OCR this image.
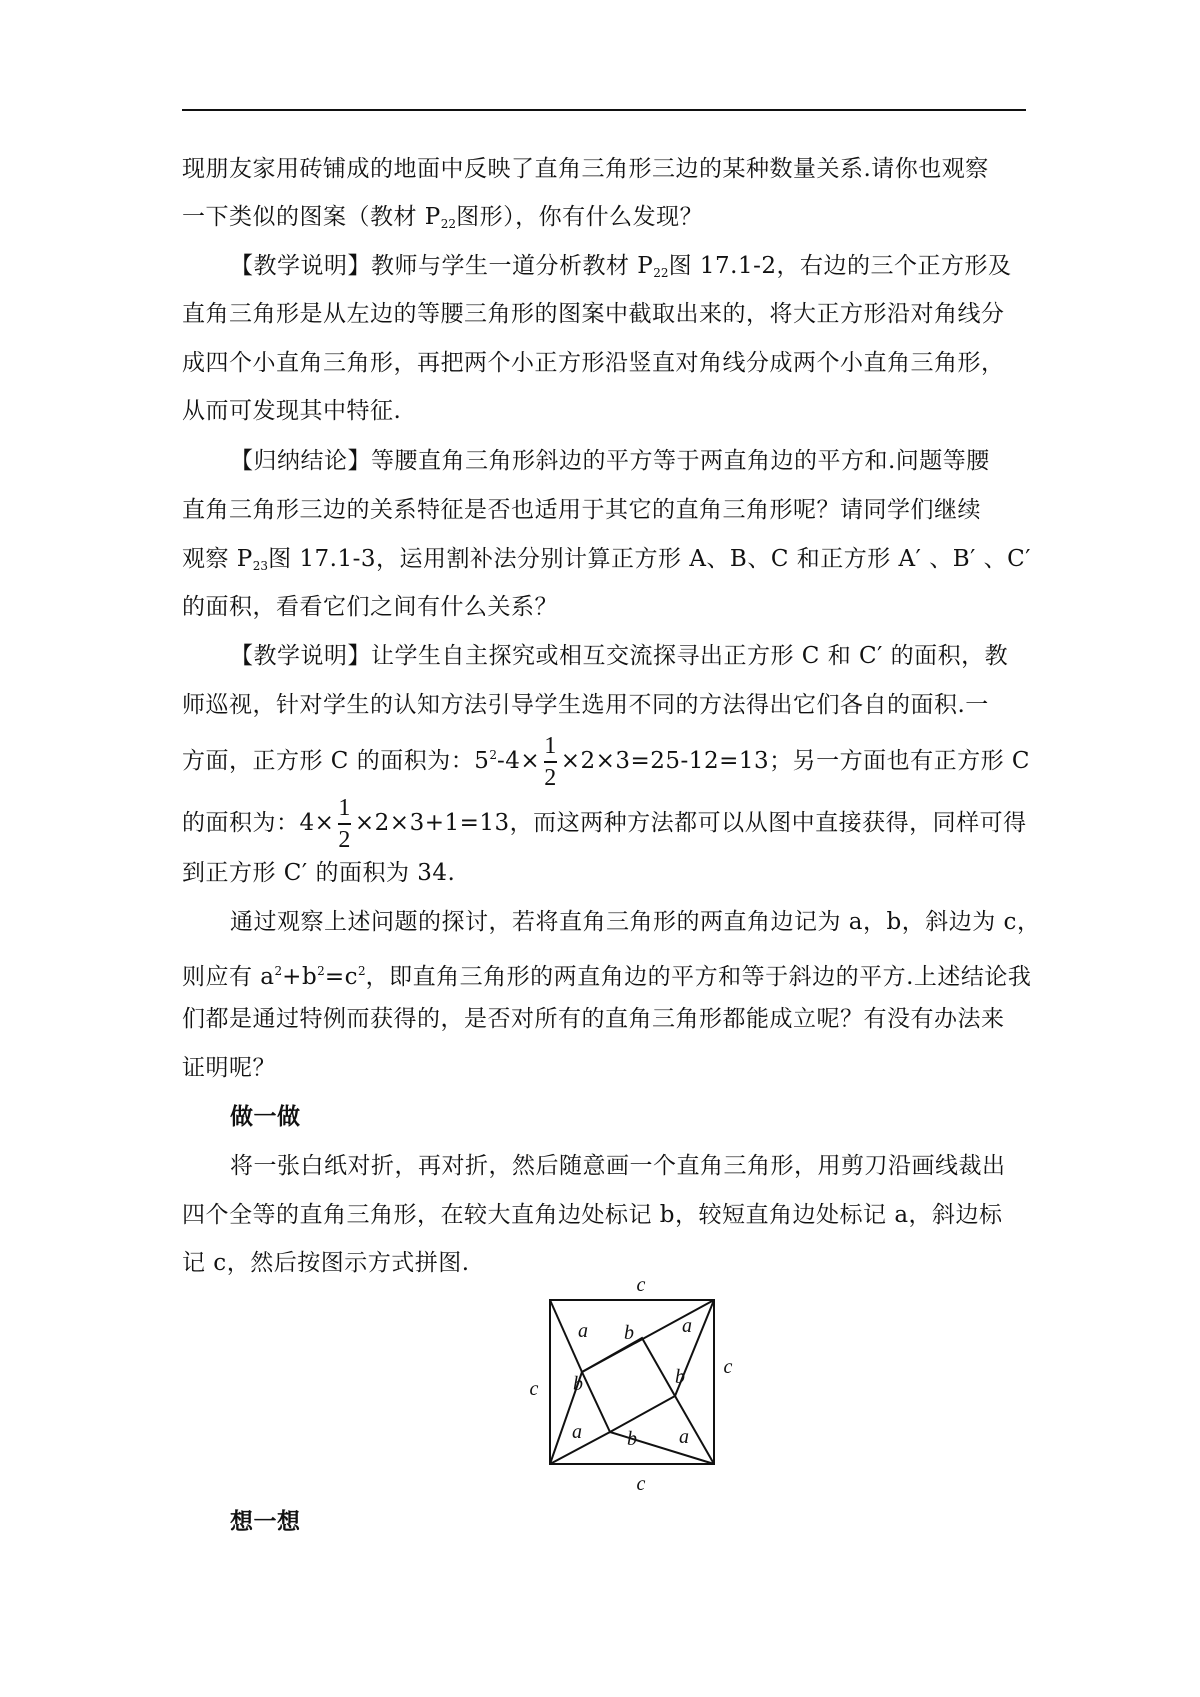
现朋友家用砖铺成的地面中反映了直角三角形三边的某种数量关系.请你也观察
一下类似的图案（教材 $P_{22}$图形），你有什么发现？
【教学说明】教师与学生一道分析教材 $P_{22}$图 17.1-2，右边的三个正方形及
直角三角形是从左边的等腰三角形的图案中截取出来的，将大正方形沿对角线分
成四个小直角三角形，再把两个小正方形沿竖直对角线分成两个小直角三角形，
从而可发现其中特征.
【归纳结论】等腰直角三角形斜边的平方等于两直角边的平方和.问题等腰
直角三角形三边的关系特征是否也适用于其它的直角三角形呢？请同学们继续
观察 $P_{23}$图 17.1-3，运用割补法分别计算正方形 A、B、C 和正方形 A′ 、B′ 、C′
的面积，看看它们之间有什么关系？
【教学说明】让学生自主探究或相互交流探寻出正方形 C 和 C′ 的面积，教
师巡视，针对学生的认知方法引导学生选用不同的方法得出它们各自的面积.一
方面，正方形 C 的面积为：$5^2-4\times \frac{1}{2} \times 2\times 3=25-12=13$；另一方面也有正方形 C
的面积为：$4\times \frac{1}{2} \times 2\times 3+1=13$，而这两种方法都可以从图中直接获得，同样可得
到正方形 C′ 的面积为 34.
通过观察上述问题的探讨，若将直角三角形的两直角边记为 a，b，斜边为 c，
则应有 $a^2+b^2=c^2$，即直角三角形的两直角边的平方和等于斜边的平方.上述结论我
们都是通过特例而获得的，是否对所有的直角三角形都能成立呢？有没有办法来
证明呢？
做一做
将一张白纸对折，再对折，然后随意画一个直角三角形，用剪刀沿画线裁出
四个全等的直角三角形，在较大直角边处标记 b，较短直角边处标记 a，斜边标
记 c，然后按图示方式拼图.
c
c
c
c
a b a
b
b
a b a
想一想
